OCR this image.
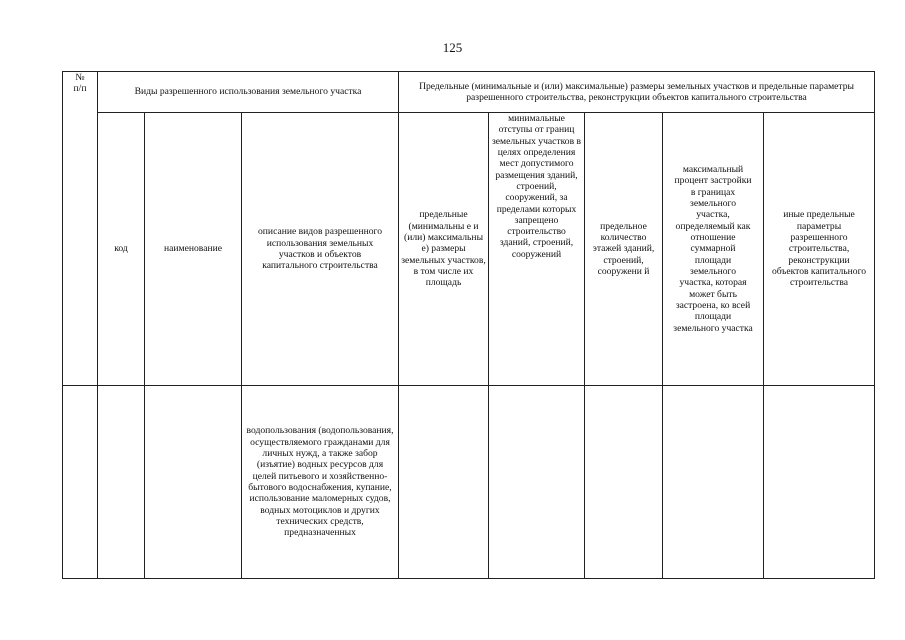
125
№
п/п	Виды разрешенного использования земельного участка			Предельные (минимальные и (или) максимальные) размеры земельных участков и предельные параметры разрешенного строительства, реконструкции объектов капитального строительства				
	код	наименование	описание видов разрешенного использования земельных участков и объектов капитального строительства	предельные (минимальны е и (или) максимальны е) размеры земельных участков, в том числе их площадь	минимальные отступы от границ земельных участков в целях определения мест допустимого размещения зданий, строений, сооружений, за пределами которых запрещено строительство зданий, строений, сооружений	предельное количество этажей зданий, строений, сооружени й	максимальный процент застройки в границах земельного участка, определяемый как отношение суммарной площади земельного участка, которая может быть застроена, ко всей площади земельного участка	иные предельные параметры разрешенного строительства, реконструкции объектов капитального строительства
			водопользования (водопользования, осуществляемого гражданами для личных нужд, а также забор (изъятие) водных ресурсов для целей питьевого и хозяйственно-бытового водоснабжения, купание, использование маломерных судов, водных мотоциклов и других технических средств, предназначенных					
